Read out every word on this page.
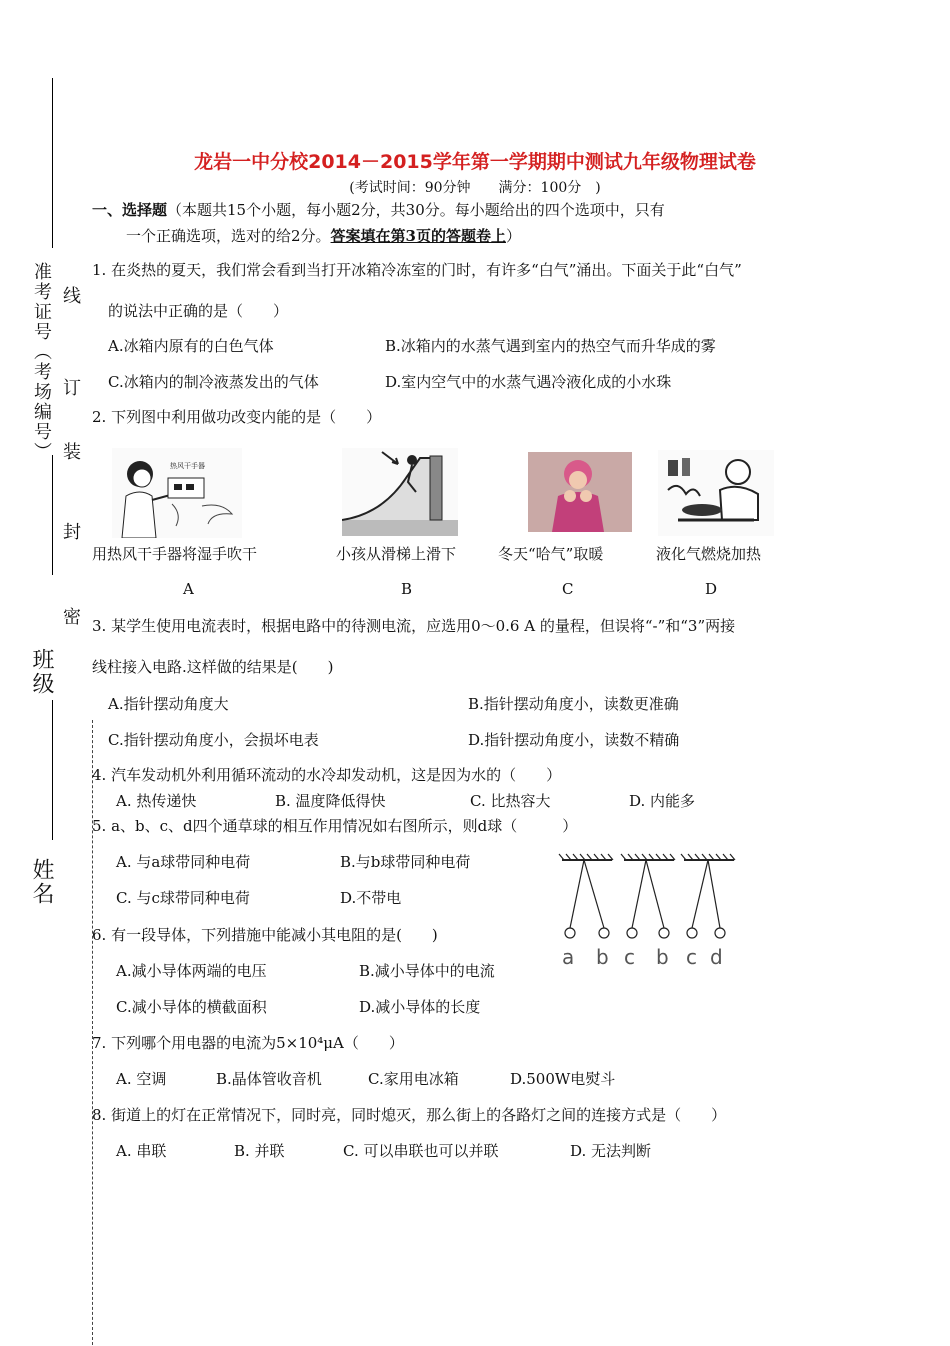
准考证号（考场编号）
班级
姓名
线
订
装
封
密
龙岩一中分校2014－2015学年第一学期期中测试九年级物理试卷
(考试时间：90分钟　　满分：100分　)
一、选择题（本题共15个小题，每小题2分，共30分。每小题给出的四个选项中，只有
一个正确选项，选对的给2分。答案填在第3页的答题卷上）
1. 在炎热的夏天，我们常会看到当打开冰箱冷冻室的门时，有许多“白气”涌出。下面关于此“白气”
的说法中正确的是（　　）
A.冰箱内原有的白色气体	B.冰箱内的水蒸气遇到室内的热空气而升华成的雾
C.冰箱内的制冷液蒸发出的气体	D.室内空气中的水蒸气遇冷液化成的小水珠
2. 下列图中利用做功改变内能的是（　　）
热风干手器
用热风干手器将湿手吹干	小孩从滑梯上滑下	冬天“哈气”取暖	液化气燃烧加热
A	B	C	D
3. 某学生使用电流表时，根据电路中的待测电流，应选用0～0.6 A 的量程，但误将“-”和“3”两接
线柱接入电路.这样做的结果是(　　)
A.指针摆动角度大	B.指针摆动角度小，读数更准确
C.指针摆动角度小，会损坏电表	D.指针摆动角度小，读数不精确
4. 汽车发动机外利用循环流动的水冷却发动机，这是因为水的（　　）
A. 热传递快	B. 温度降低得快	C. 比热容大	D. 内能多
5. a、b、c、d四个通草球的相互作用情况如右图所示，则d球（　　　）
A. 与a球带同种电荷	B.与b球带同种电荷
C. 与c球带同种电荷	D.不带电
a b c b c d
6. 有一段导体，下列措施中能减小其电阻的是(　　)
A.减小导体两端的电压	B.减小导体中的电流
C.减小导体的横截面积	D.减小导体的长度
7. 下列哪个用电器的电流为5×10⁴μA（　　）
A. 空调	B.晶体管收音机	C.家用电冰箱	D.500W电熨斗
8. 街道上的灯在正常情况下，同时亮，同时熄灭，那么街上的各路灯之间的连接方式是（　　）
A. 串联	B. 并联	C. 可以串联也可以并联	D. 无法判断
